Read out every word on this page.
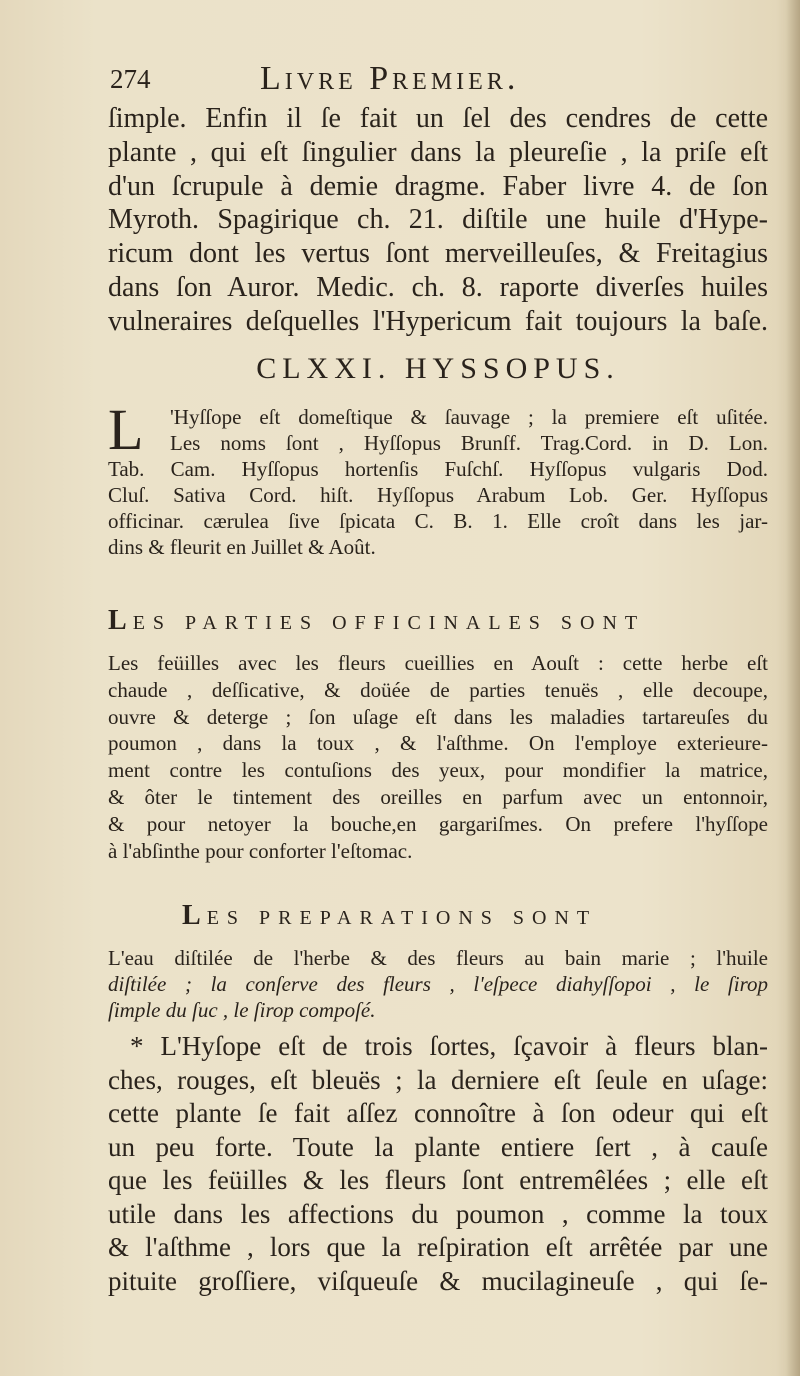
274	Livre Premier.
ſimple. Enfin il ſe fait un ſel des cendres de cette
plante , qui eſt ſingulier dans la pleureſie , la priſe eſt
d'un ſcrupule à demie dragme. Faber livre 4. de ſon
Myroth. Spagirique ch. 21. diſtile une huile d'Hype-
ricum dont les vertus ſont merveilleuſes, & Freitagius
dans ſon Auror. Medic. ch. 8. raporte diverſes huiles
vulneraires deſquelles l'Hypericum fait toujours la baſe.
CLXXI. HYSSOPUS.
L 'Hyſſope eſt domeſtique & ſauvage ; la premiere eſt uſitée.
Les noms ſont , Hyſſopus Brunſf. Trag.Cord. in D. Lon.
Tab. Cam. Hyſſopus hortenſis Fuſchſ. Hyſſopus vulgaris Dod.
Cluſ. Sativa Cord. hiſt. Hyſſopus Arabum Lob. Ger. Hyſſopus
officinar. cærulea ſive ſpicata C. B. 1. Elle croît dans les jar-
dins & fleurit en Juillet & Août.
LES PARTIES OFFICINALES SONT
Les feüilles avec les fleurs cueillies en Aouſt : cette herbe eſt
chaude , deſſicative, & doüée de parties tenuës , elle decoupe,
ouvre & deterge ; ſon uſage eſt dans les maladies tartareuſes du
poumon , dans la toux , & l'aſthme. On l'employe exterieure-
ment contre les contuſions des yeux, pour mondifier la matrice,
& ôter le tintement des oreilles en parfum avec un entonnoir,
& pour netoyer la bouche,en gargariſmes. On prefere l'hyſſope
à l'abſinthe pour conforter l'eſtomac.
LES PREPARATIONS SONT
L'eau diſtilée de l'herbe & des fleurs au bain marie ; l'huile
diſtilée ; la conſerve des fleurs , l'eſpece diahyſſopoi , le ſirop
ſimple du ſuc , le ſirop compoſé.
* L'Hyſope eſt de trois ſortes, ſçavoir à fleurs blan-
ches, rouges, eſt bleuës ; la derniere eſt ſeule en uſage:
cette plante ſe fait aſſez connoître à ſon odeur qui eſt
un peu forte. Toute la plante entiere ſert , à cauſe
que les feüilles & les fleurs ſont entremêlées ; elle eſt
utile dans les affections du poumon , comme la toux
& l'aſthme , lors que la reſpiration eſt arrêtée par une
pituite groſſiere, viſqueuſe & mucilagineuſe , qui ſe-
